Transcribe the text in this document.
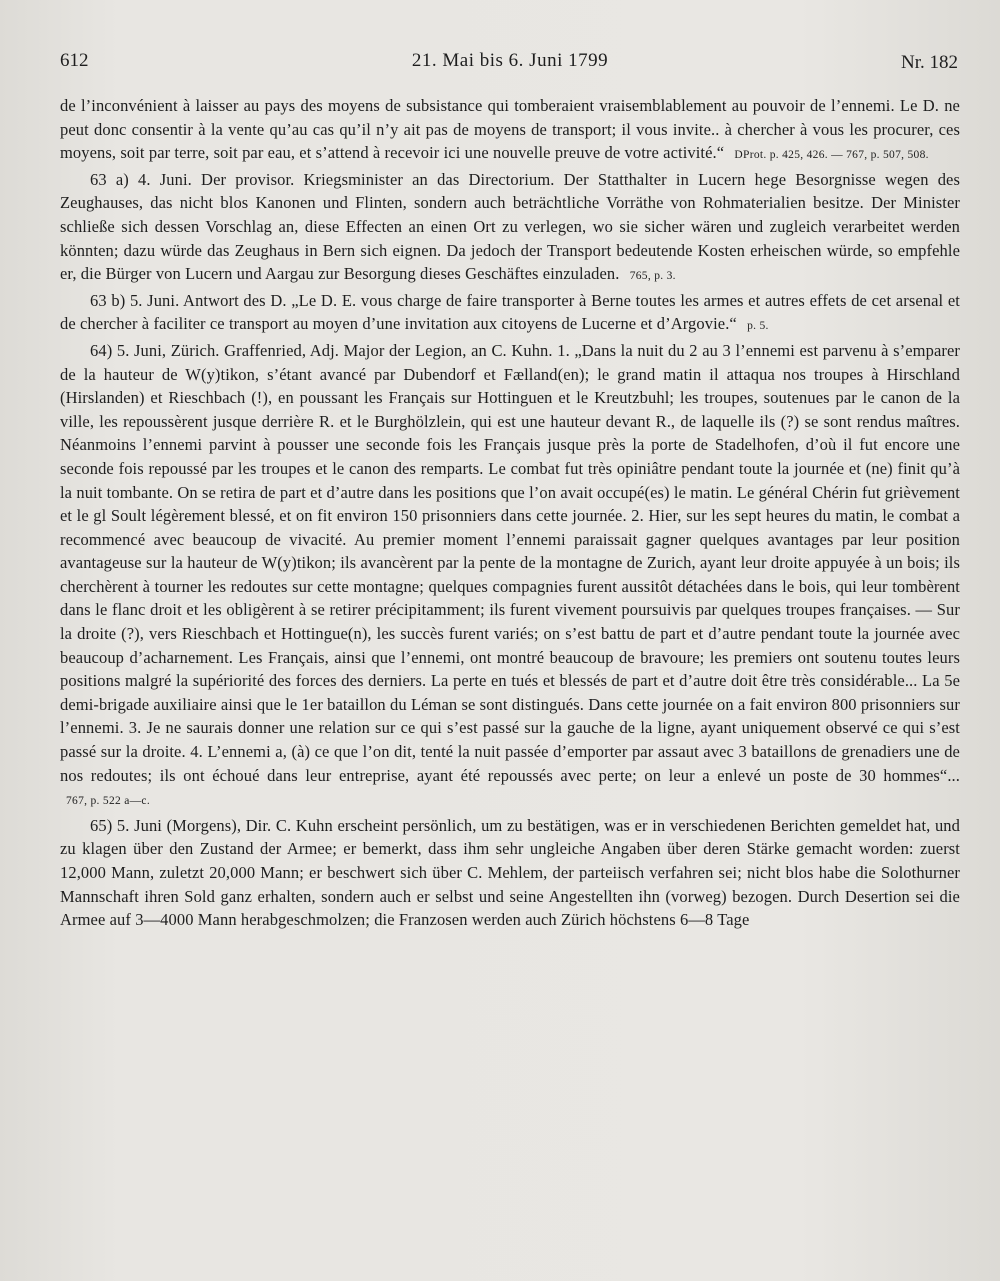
612	21. Mai bis 6. Juni 1799	Nr. 182

de l’inconvénient à laisser au pays des moyens de subsistance qui tomberaient vraisemblablement au pouvoir de l’ennemi. Le D. ne peut donc consentir à la vente qu’au cas qu’il n’y ait pas de moyens de transport; il vous invite.. à chercher à vous les procurer, ces moyens, soit par terre, soit par eau, et s’attend à recevoir ici une nouvelle preuve de votre activité.“ DProt. p. 425, 426. — 767, p. 507, 508.

63 a) 4. Juni. Der provisor. Kriegsminister an das Directorium. Der Statthalter in Lucern hege Besorgnisse wegen des Zeughauses, das nicht blos Kanonen und Flinten, sondern auch beträchtliche Vorräthe von Rohmaterialien besitze. Der Minister schließe sich dessen Vorschlag an, diese Effecten an einen Ort zu verlegen, wo sie sicher wären und zugleich verarbeitet werden könnten; dazu würde das Zeughaus in Bern sich eignen. Da jedoch der Transport bedeutende Kosten erheischen würde, so empfehle er, die Bürger von Lucern und Aargau zur Besorgung dieses Geschäftes einzuladen. 765, p. 3.

63 b) 5. Juni. Antwort des D. „Le D. E. vous charge de faire transporter à Berne toutes les armes et autres effets de cet arsenal et de chercher à faciliter ce transport au moyen d’une invitation aux citoyens de Lucerne et d’Argovie.“ p. 5.

64) 5. Juni, Zürich. Graffenried, Adj. Major der Legion, an C. Kuhn. 1. „Dans la nuit du 2 au 3 l’ennemi est parvenu à s’emparer de la hauteur de W(y)tikon, s’étant avancé par Dubendorf et Fælland(en); le grand matin il attaqua nos troupes à Hirschland (Hirslanden) et Rieschbach (!), en poussant les Français sur Hottinguen et le Kreutzbuhl; les troupes, soutenues par le canon de la ville, les repoussèrent jusque derrière R. et le Burghölzlein, qui est une hauteur devant R., de laquelle ils (?) se sont rendus maîtres. Néanmoins l’ennemi parvint à pousser une seconde fois les Français jusque près la porte de Stadelhofen, d’où il fut encore une seconde fois repoussé par les troupes et le canon des remparts. Le combat fut très opiniâtre pendant toute la journée et (ne) finit qu’à la nuit tombante. On se retira de part et d’autre dans les positions que l’on avait occupé(es) le matin. Le général Chérin fut grièvement et le gl Soult légèrement blessé, et on fit environ 150 prisonniers dans cette journée. 2. Hier, sur les sept heures du matin, le combat a recommencé avec beaucoup de vivacité. Au premier moment l’ennemi paraissait gagner quelques avantages par leur position avantageuse sur la hauteur de W(y)tikon; ils avancèrent par la pente de la montagne de Zurich, ayant leur droite appuyée à un bois; ils cherchèrent à tourner les redoutes sur cette montagne; quelques compagnies furent aussitôt détachées dans le bois, qui leur tombèrent dans le flanc droit et les obligèrent à se retirer précipitamment; ils furent vivement poursuivis par quelques troupes françaises. — Sur la droite (?), vers Rieschbach et Hottingue(n), les succès furent variés; on s’est battu de part et d’autre pendant toute la journée avec beaucoup d’acharnement. Les Français, ainsi que l’ennemi, ont montré beaucoup de bravoure; les premiers ont soutenu toutes leurs positions malgré la supériorité des forces des derniers. La perte en tués et blessés de part et d’autre doit être très considérable... La 5e demi-brigade auxiliaire ainsi que le 1er bataillon du Léman se sont distingués. Dans cette journée on a fait environ 800 prisonniers sur l’ennemi. 3. Je ne saurais donner une relation sur ce qui s’est passé sur la gauche de la ligne, ayant uniquement observé ce qui s’est passé sur la droite. 4. L’ennemi a, (à) ce que l’on dit, tenté la nuit passée d’emporter par assaut avec 3 bataillons de grenadiers une de nos redoutes; ils ont échoué dans leur entreprise, ayant été repoussés avec perte; on leur a enlevé un poste de 30 hommes“... 767, p. 522 a—c.

65) 5. Juni (Morgens), Dir. C. Kuhn erscheint persönlich, um zu bestätigen, was er in verschiedenen Berichten gemeldet hat, und zu klagen über den Zustand der Armee; er bemerkt, dass ihm sehr ungleiche Angaben über deren Stärke gemacht worden: zuerst 12,000 Mann, zuletzt 20,000 Mann; er beschwert sich über C. Mehlem, der parteiisch verfahren sei; nicht blos habe die Solothurner Mannschaft ihren Sold ganz erhalten, sondern auch er selbst und seine Angestellten ihn (vorweg) bezogen. Durch Desertion sei die Armee auf 3—4000 Mann herabgeschmolzen; die Franzosen werden auch Zürich höchstens 6—8 Tage
